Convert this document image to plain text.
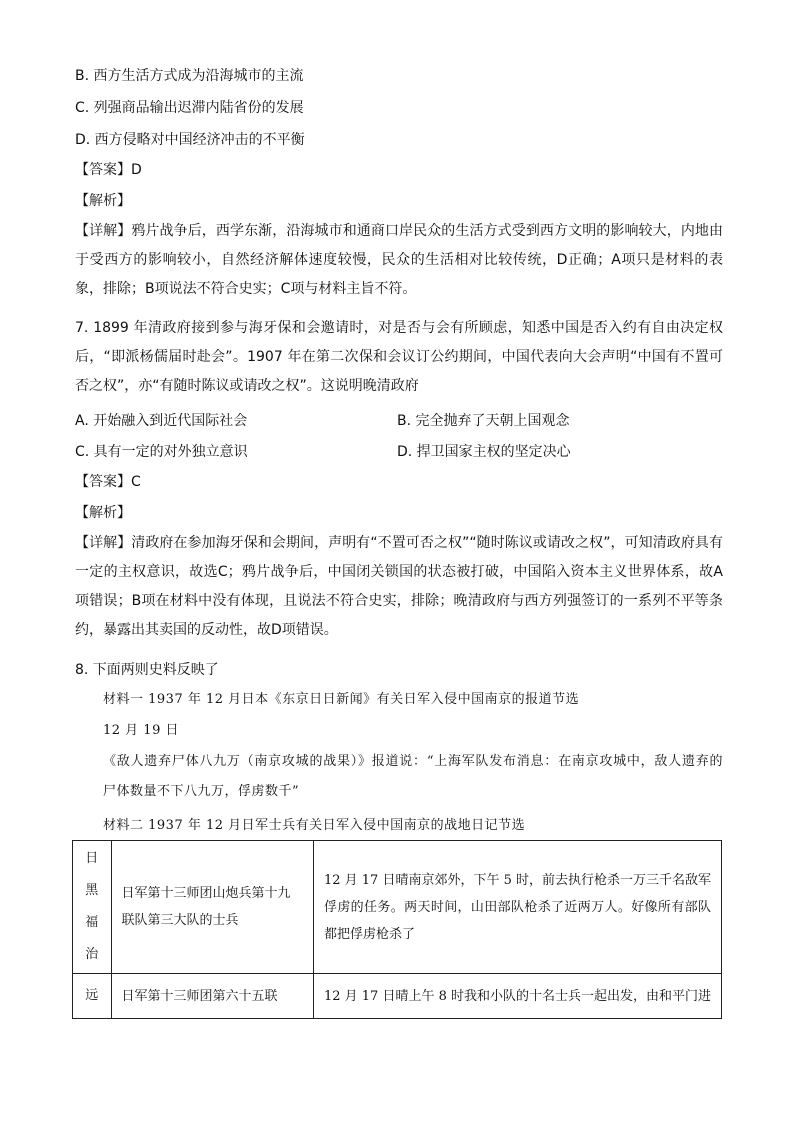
B. 西方生活方式成为沿海城市的主流
C. 列强商品输出迟滞内陆省份的发展
D. 西方侵略对中国经济冲击的不平衡
【答案】D
【解析】
【详解】鸦片战争后，西学东渐，沿海城市和通商口岸民众的生活方式受到西方文明的影响较大，内地由于受西方的影响较小，自然经济解体速度较慢，民众的生活相对比较传统，D正确；A项只是材料的表象，排除；B项说法不符合史实；C项与材料主旨不符。
7. 1899 年清政府接到参与海牙保和会邀请时，对是否与会有所顾虑，知悉中国是否入约有自由决定权后，“即派杨儒届时赴会”。1907 年在第二次保和会议订公约期间，中国代表向大会声明“中国有不置可否之权”，亦“有随时陈议或请改之权”。这说明晚清政府
A. 开始融入到近代国际社会	B. 完全抛弃了天朝上国观念
C. 具有一定的对外独立意识	D. 捍卫国家主权的坚定决心
【答案】C
【解析】
【详解】清政府在参加海牙保和会期间，声明有“不置可否之权”“随时陈议或请改之权”，可知清政府具有一定的主权意识，故选C；鸦片战争后，中国闭关锁国的状态被打破，中国陷入资本主义世界体系，故A项错误；B项在材料中没有体现，且说法不符合史实，排除；晚清政府与西方列强签订的一系列不平等条约，暴露出其卖国的反动性，故D项错误。
8. 下面两则史料反映了
材料一 1937 年 12 月日本《东京日日新闻》有关日军入侵中国南京的报道节选
12 月 19 日
《敌人遗弃尸体八九万（南京攻城的战果）》报道说：“上海军队发布消息：在南京攻城中，敌人遗弃的尸体数量不下八九万，俘虏数千”
材料二 1937 年 12 月日军士兵有关日军入侵中国南京的战地日记节选
日
黑
福
治	日军第十三师团山炮兵第十九联队第三大队的士兵	12 月 17 日晴南京郊外，下午 5 时，前去执行枪杀一万三千名敌军俘虏的任务。两天时间，山田部队枪杀了近两万人。好像所有部队都把俘虏枪杀了
远	日军第十三师团第六十五联	12 月 17 日晴上午 8 时我和小队的十名士兵一起出发，由和平门进
